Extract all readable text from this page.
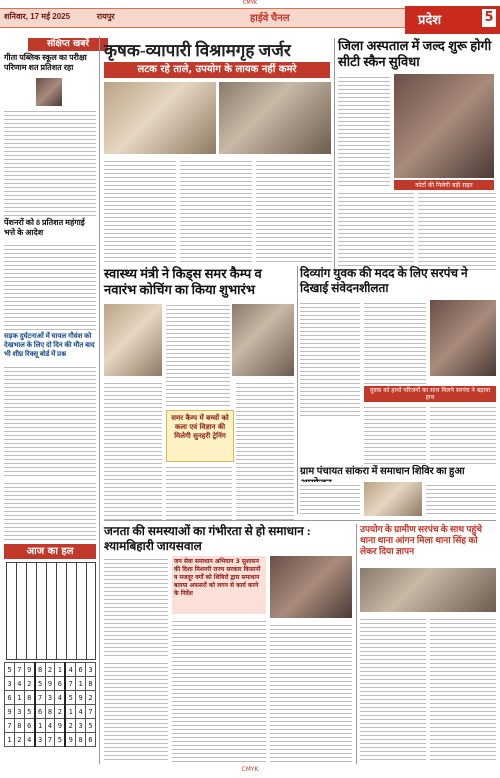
CMYK
शनिवार, 17 मई 2025	रायपुर	हाईवे चैनल	प्रदेश	5
संक्षिप्त खबरें
गीता पब्लिक स्कूल का परीक्षा परिणाम शत प्रतिशत रहा
पेंशनरों को 8 प्रतिशत महंगाई भत्ते के आदेश
सड़क दुर्घटनाओं में घायल गौवंश को देखभाल के लिए दो दिन की मौत बाद भी शीघ्र रिक्सू बोर्ड में प्रश्न
आज का हल
5	7	9	8	2	1	4	6	3
3	4	2	5	9	6	7	1	8
6	1	8	7	3	4	5	9	2
9	3	5	6	8	2	1	4	7
7	8	6	1	4	9	2	3	5
1	2	4	3	7	5	9	8	6
कृषक-व्यापारी विश्रामगृह जर्जर
लटक रहे ताले, उपयोग के लायक नहीं कमरे
जिला अस्पताल में जल्द शुरू होगी सीटी स्कैन सुविधा
कोर्टो की मिलेगी बड़ी राहत
स्वास्थ्य मंत्री ने किड्स समर कैम्प व नवारंभ कोचिंग का किया शुभारंभ
समर कैम्प में बच्चों को कला एवं विज्ञान की मिलेगी सुनहरी ट्रेनिंग
दिव्यांग युवक की मदद के लिए सरपंच ने दिखाई संवेदनशीलता
युवक को हाथों परिजनों का साथ मिलने सरपंच ने बढ़ाया हाथ
ग्राम पंचायत सांकरा में समाधान शिविर का हुआ
जनता की समस्याओं का गंभीरता से हो समाधान : श्यामबिहारी जायसवाल
जन सेवा समाधान अभियान 3 सुशासन की दिशा मिशनरी राज्य सरकार किसानों व मजदूर वर्गों को शिविरों द्वारा समाधान बताया अफसरों को लगन से कार्य करने के निर्देश
उपयोग के ग्रामीण सरपंच के साथ पहुंचे थाना थाना आंगन मिला थाना सिंह को लेकर दिया ज्ञापन
CMYK
